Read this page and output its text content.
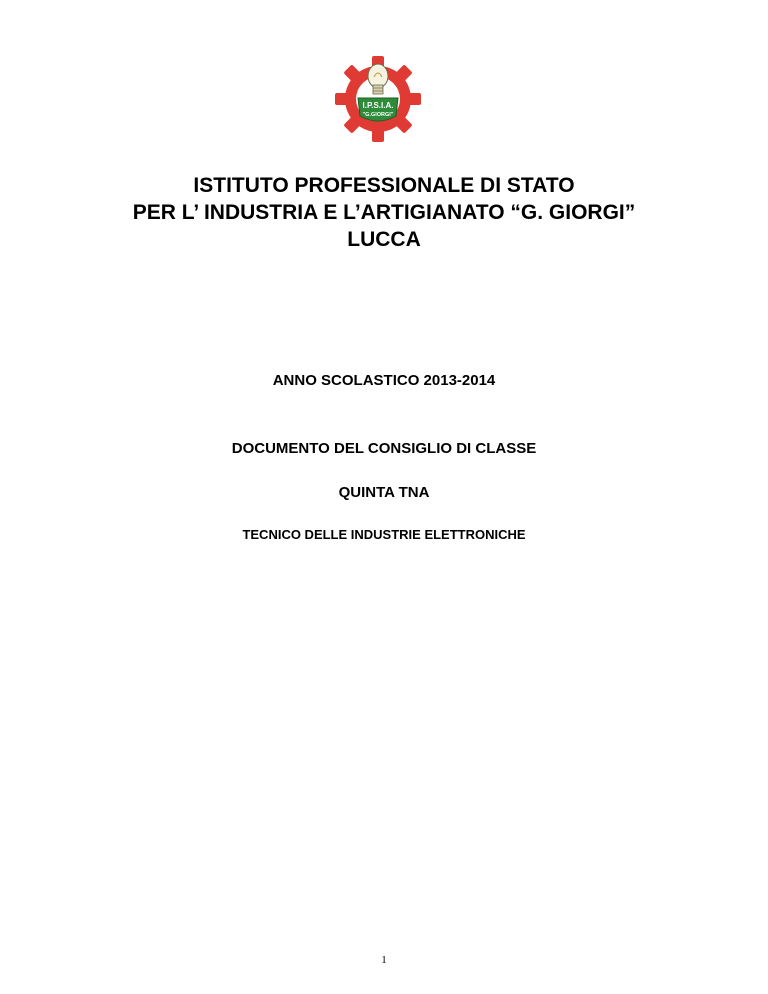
I.P.S.I.A.
"G.GIORGI"
ISTITUTO PROFESSIONALE DI STATO
PER L’ INDUSTRIA E L’ARTIGIANATO “G. GIORGI”
LUCCA
ANNO SCOLASTICO 2013-2014
DOCUMENTO DEL CONSIGLIO DI CLASSE
QUINTA TNA
TECNICO DELLE INDUSTRIE ELETTRONICHE
1
